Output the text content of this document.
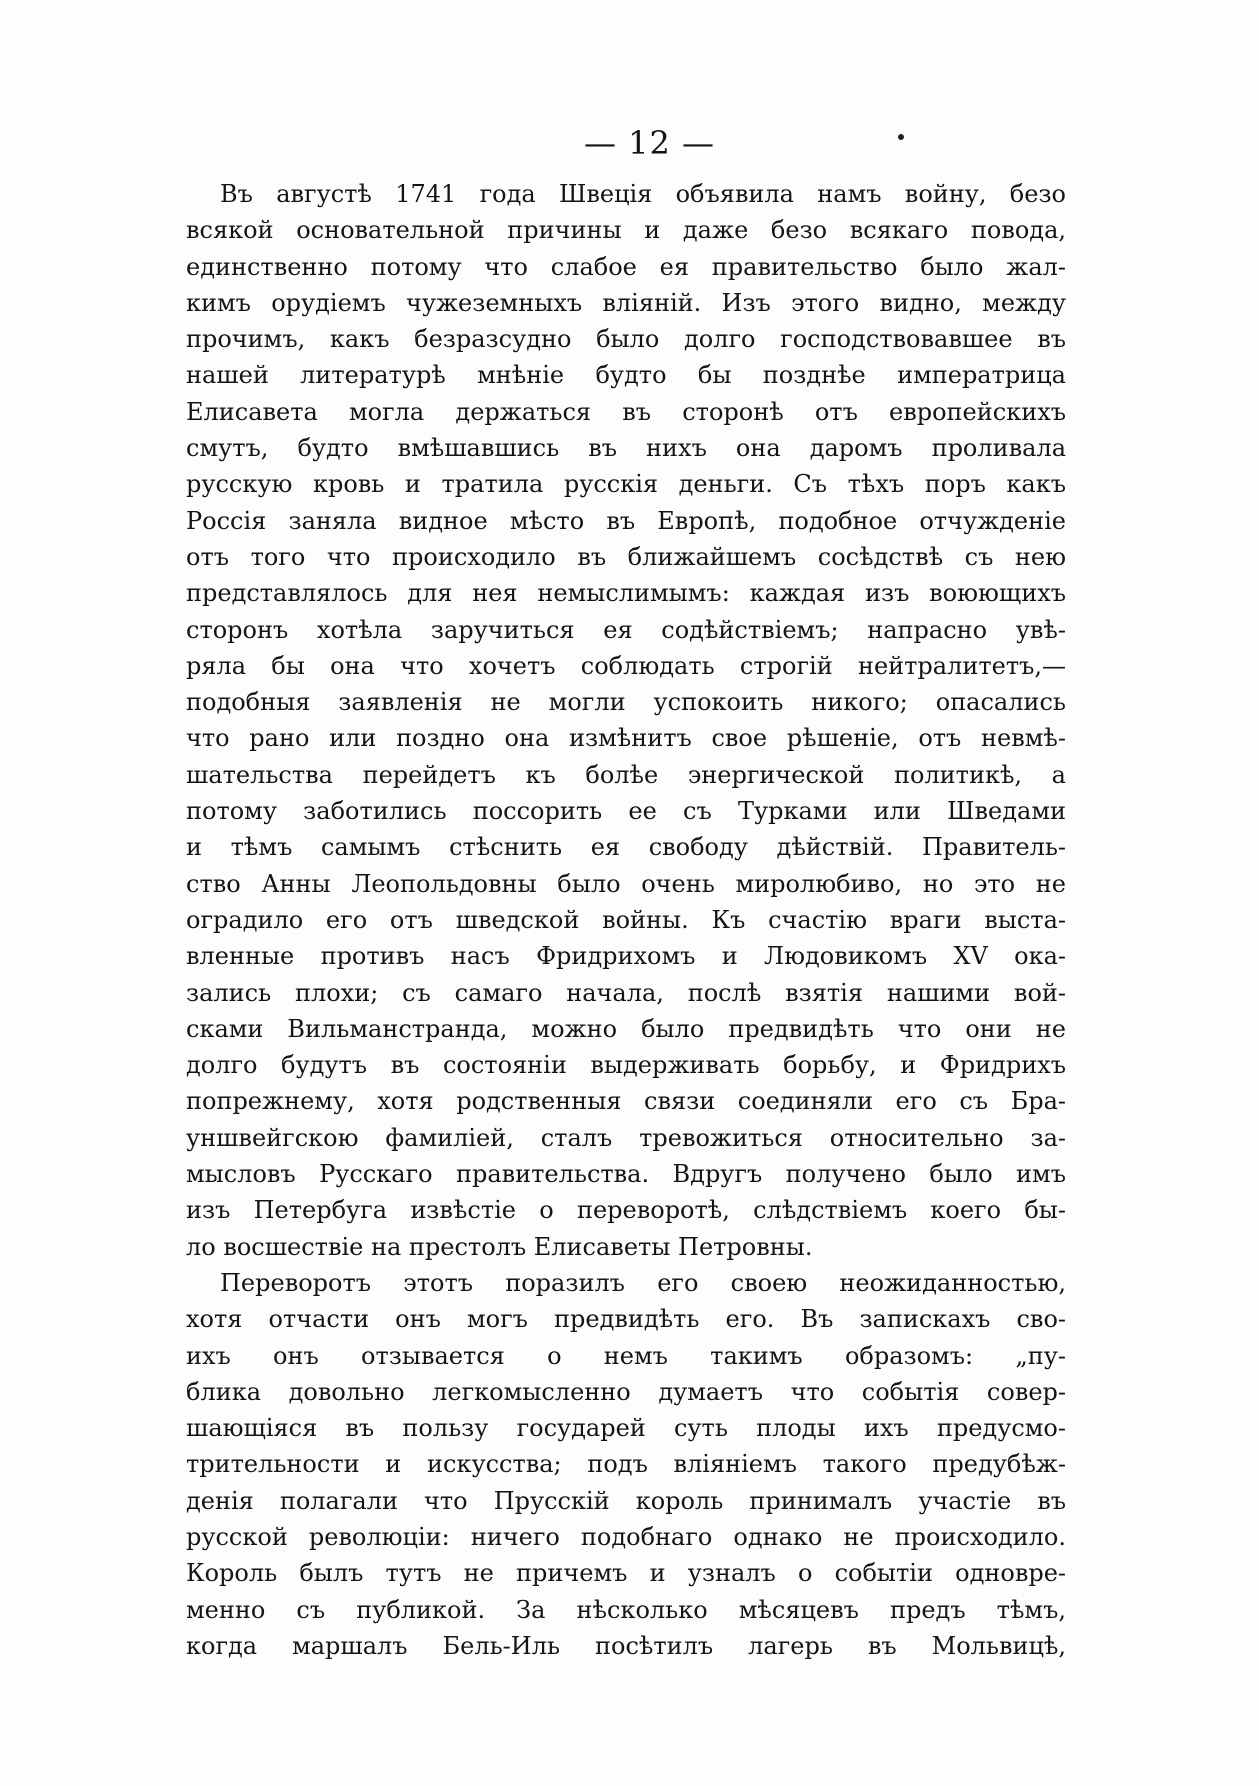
— 12 —
Въ августѣ 1741 года Швеція объявила намъ войну, безо
всякой основательной причины и даже безо всякаго повода,
единственно потому что слабое ея правительство было жал-
кимъ орудіемъ чужеземныхъ вліяній. Изъ этого видно, между
прочимъ, какъ безразсудно было долго господствовавшее въ
нашей литературѣ мнѣніе будто бы позднѣе императрица
Елисавета могла держаться въ сторонѣ отъ европейскихъ
смутъ, будто вмѣшавшись въ нихъ она даромъ проливала
русскую кровь и тратила русскія деньги. Съ тѣхъ поръ какъ
Россія заняла видное мѣсто въ Европѣ, подобное отчужденіе
отъ того что происходило въ ближайшемъ сосѣдствѣ съ нею
представлялось для нея немыслимымъ: каждая изъ воюющихъ
сторонъ хотѣла заручиться ея содѣйствіемъ; напрасно увѣ-
ряла бы она что хочетъ соблюдать строгій нейтралитетъ,—
подобныя заявленія не могли успокоить никого; опасались
что рано или поздно она измѣнитъ свое рѣшеніе, отъ невмѣ-
шательства перейдетъ къ болѣе энергической политикѣ, а
потому заботились поссорить ее съ Турками или Шведами
и тѣмъ самымъ стѣснить ея свободу дѣйствій. Правитель-
ство Анны Леопольдовны было очень миролюбиво, но это не
оградило его отъ шведской войны. Къ счастію враги выста-
вленные противъ насъ Фридрихомъ и Людовикомъ XV ока-
зались плохи; съ самаго начала, послѣ взятія нашими вой-
сками Вильманстранда, можно было предвидѣть что они не
долго будутъ въ состояніи выдерживать борьбу, и Фридрихъ
попрежнему, хотя родственныя связи соединяли его съ Бра-
уншвейгскою фамиліей, сталъ тревожиться относительно за-
мысловъ Русскаго правительства. Вдругъ получено было имъ
изъ Петербуга извѣстіе о переворотѣ, слѣдствіемъ коего бы-
ло восшествіе на престолъ Елисаветы Петровны.
Переворотъ этотъ поразилъ его своею неожиданностью,
хотя отчасти онъ могъ предвидѣть его. Въ запискахъ сво-
ихъ онъ отзывается о немъ такимъ образомъ: „пу-
блика довольно легкомысленно думаетъ что событія совер-
шающіяся въ пользу государей суть плоды ихъ предусмо-
трительности и искусства; подъ вліяніемъ такого предубѣж-
денія полагали что Прусскій король принималъ участіе въ
русской революціи: ничего подобнаго однако не происходило.
Король былъ тутъ не причемъ и узналъ о событіи одновре-
менно съ публикой. За нѣсколько мѣсяцевъ предъ тѣмъ,
когда маршалъ Бель-Иль посѣтилъ лагерь въ Мольвицѣ,
